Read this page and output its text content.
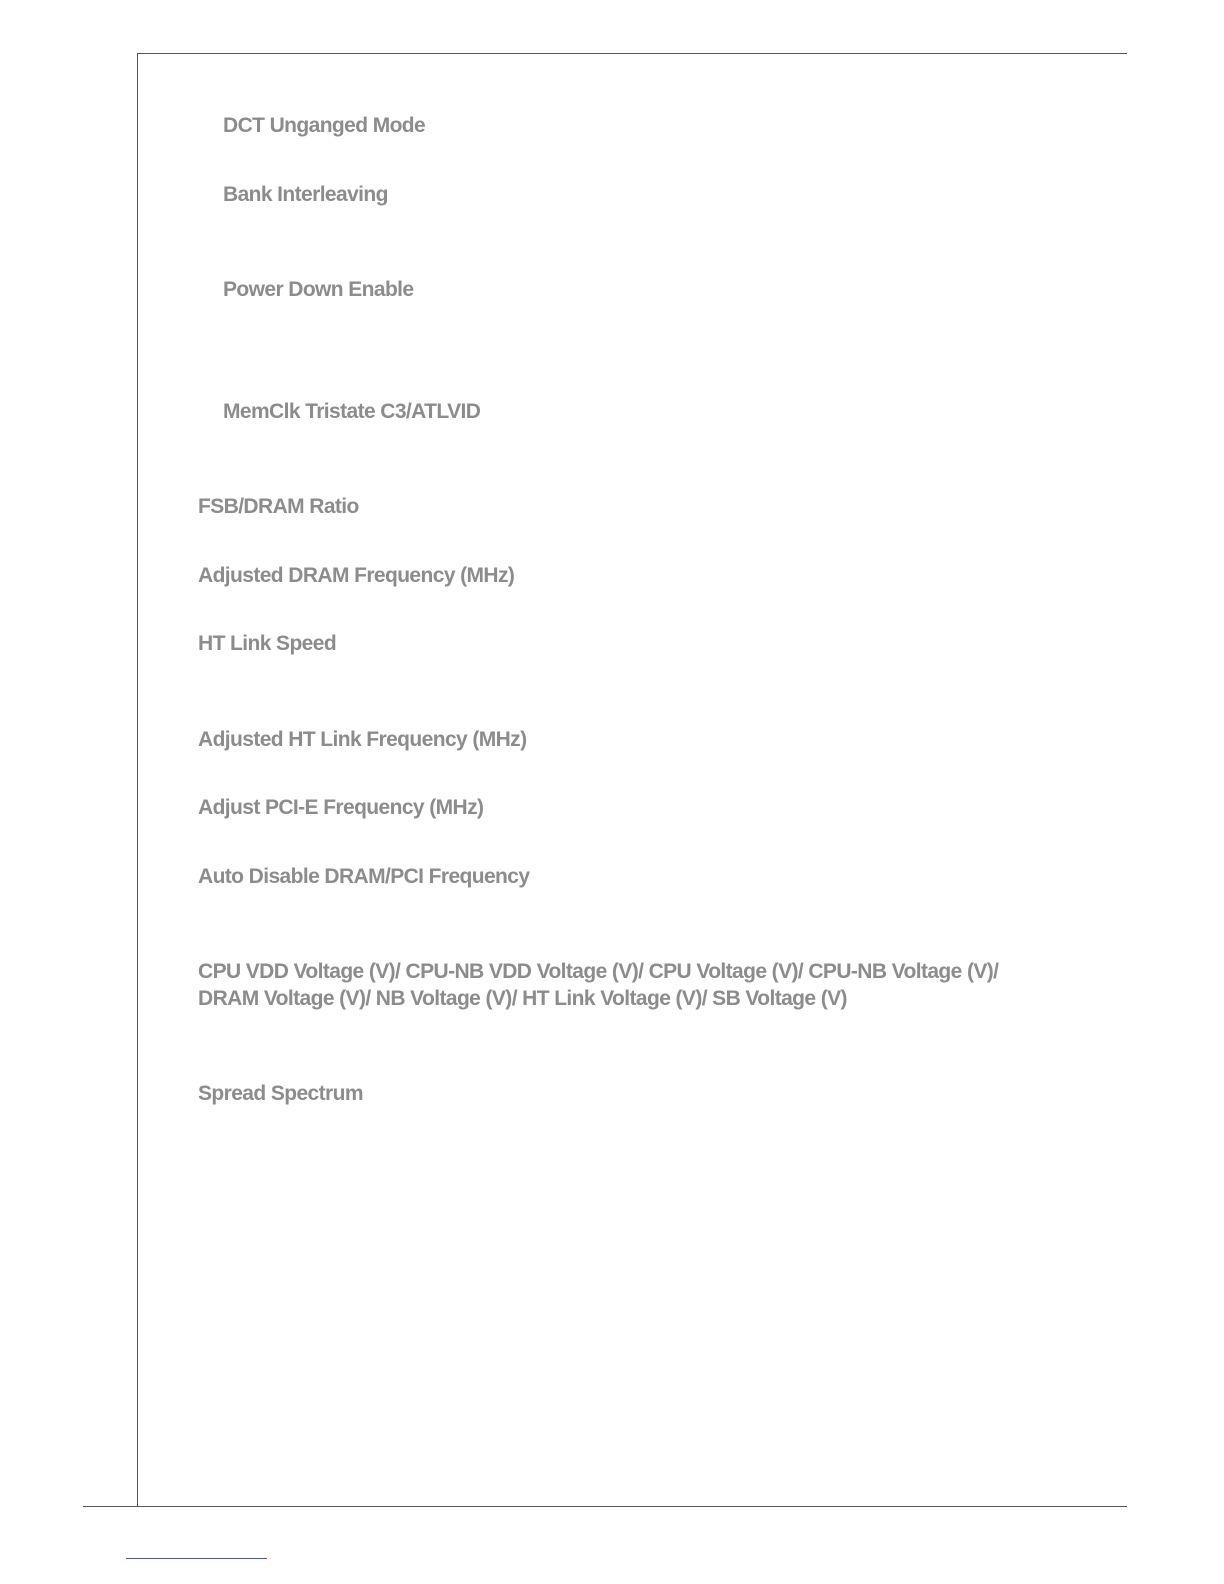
DCT Unganged Mode
Bank Interleaving
Power Down Enable
MemClk Tristate C3/ATLVID
FSB/DRAM Ratio
Adjusted DRAM Frequency (MHz)
HT Link Speed
Adjusted HT Link Frequency (MHz)
Adjust PCI-E Frequency (MHz)
Auto Disable DRAM/PCI Frequency
CPU VDD Voltage (V)/ CPU-NB VDD Voltage (V)/ CPU Voltage (V)/ CPU-NB Voltage (V)/ DRAM Voltage (V)/ NB Voltage (V)/ HT Link Voltage (V)/ SB Voltage (V)
Spread Spectrum
